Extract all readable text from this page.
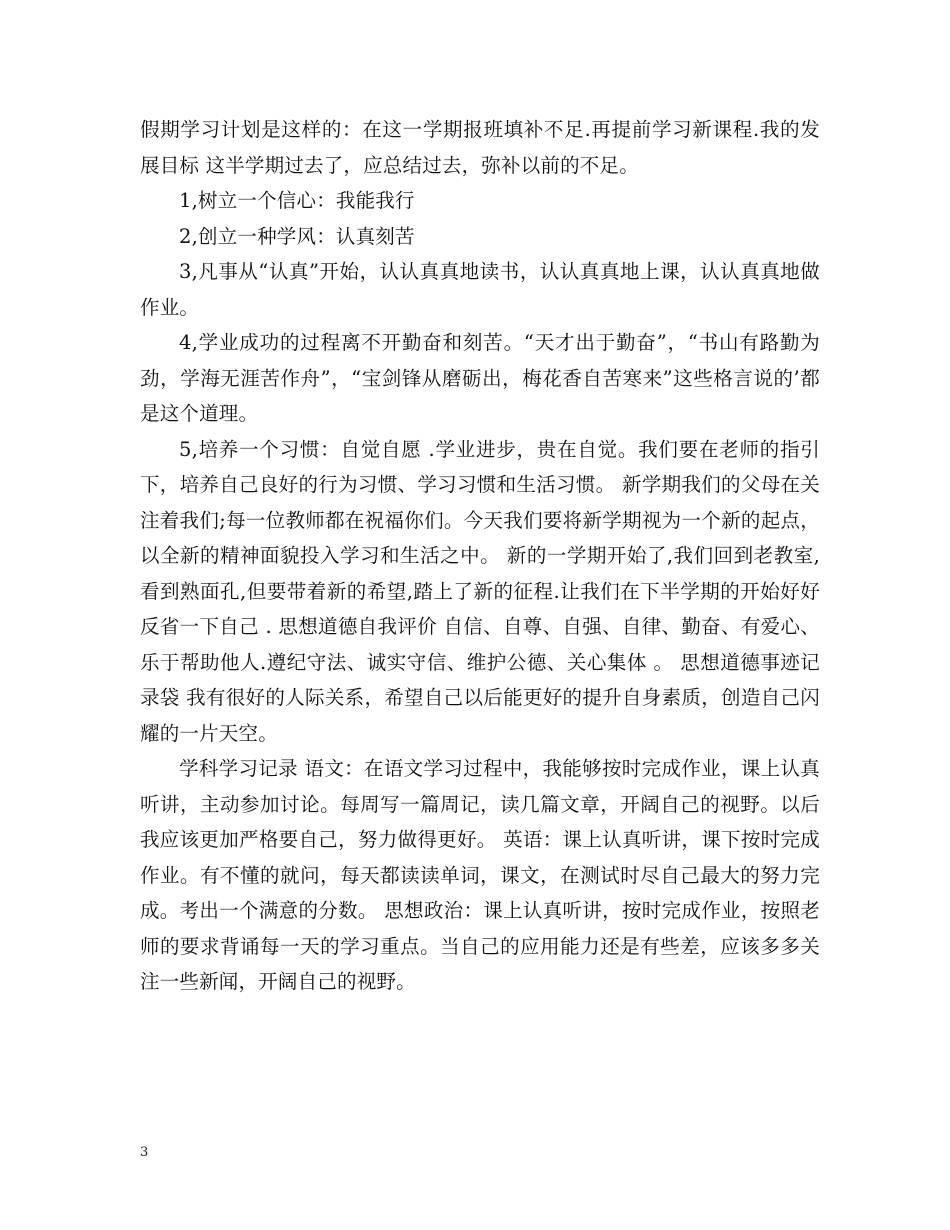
假期学习计划是这样的：在这一学期报班填补不足.再提前学习新课程.我的发展目标 这半学期过去了，应总结过去，弥补以前的不足。

1,树立一个信心：我能我行

2,创立一种学风：认真刻苦

3,凡事从“认真”开始，认认真真地读书，认认真真地上课，认认真真地做作业。

4,学业成功的过程离不开勤奋和刻苦。“天才出于勤奋”，“书山有路勤为劲，学海无涯苦作舟”，“宝剑锋从磨砺出，梅花香自苦寒来”这些格言说的’都是这个道理。

5,培养一个习惯：自觉自愿 .学业进步，贵在自觉。我们要在老师的指引下，培养自己良好的行为习惯、学习习惯和生活习惯。 新学期我们的父母在关注着我们;每一位教师都在祝福你们。今天我们要将新学期视为一个新的起点，以全新的精神面貌投入学习和生活之中。 新的一学期开始了,我们回到老教室,看到熟面孔,但要带着新的希望,踏上了新的征程.让我们在下半学期的开始好好反省一下自己 . 思想道德自我评价 自信、自尊、自强、自律、勤奋、有爱心、乐于帮助他人.遵纪守法、诚实守信、维护公德、关心集体 。 思想道德事迹记录袋 我有很好的人际关系，希望自己以后能更好的提升自身素质，创造自己闪耀的一片天空。

学科学习记录 语文：在语文学习过程中，我能够按时完成作业，课上认真听讲，主动参加讨论。每周写一篇周记，读几篇文章，开阔自己的视野。以后我应该更加严格要自己，努力做得更好。 英语：课上认真听讲，课下按时完成作业。有不懂的就问，每天都读读单词，课文，在测试时尽自己最大的努力完成。考出一个满意的分数。 思想政治：课上认真听讲，按时完成作业，按照老师的要求背诵每一天的学习重点。当自己的应用能力还是有些差，应该多多关注一些新闻，开阔自己的视野。

3
